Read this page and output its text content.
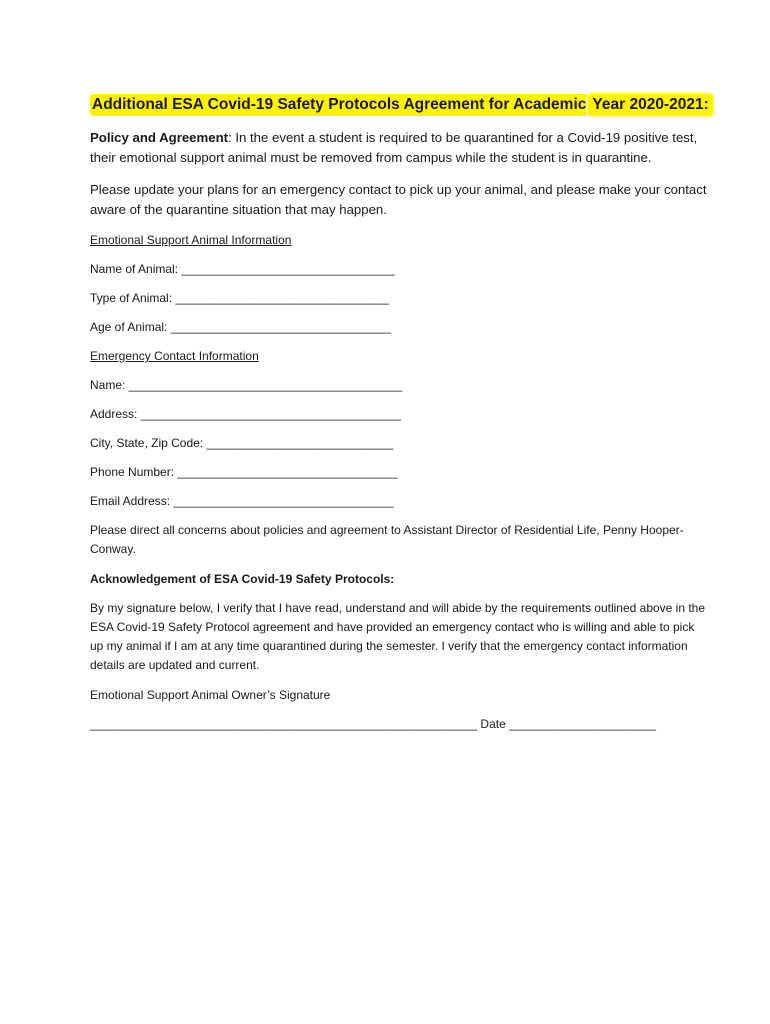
Additional ESA Covid-19 Safety Protocols Agreement for Academic Year 2020-2021:

Policy and Agreement: In the event a student is required to be quarantined for a Covid-19 positive test, their emotional support animal must be removed from campus while the student is in quarantine.

Please update your plans for an emergency contact to pick up your animal, and please make your contact aware of the quarantine situation that may happen.

Emotional Support Animal Information
Name of Animal: ________________________________
Type of Animal: ________________________________
Age of Animal: _________________________________
Emergency Contact Information
Name: _________________________________________
Address: _______________________________________
City, State, Zip Code: ____________________________
Phone Number: _________________________________
Email Address: _________________________________

Please direct all concerns about policies and agreement to Assistant Director of Residential Life, Penny Hooper-Conway.

Acknowledgement of ESA Covid-19 Safety Protocols:

By my signature below, I verify that I have read, understand and will abide by the requirements outlined above in the ESA Covid-19 Safety Protocol agreement and have provided an emergency contact who is willing and able to pick up my animal if I am at any time quarantined during the semester. I verify that the emergency contact information details are updated and current.

Emotional Support Animal Owner’s Signature
__________________________________________________________ Date ______________________
